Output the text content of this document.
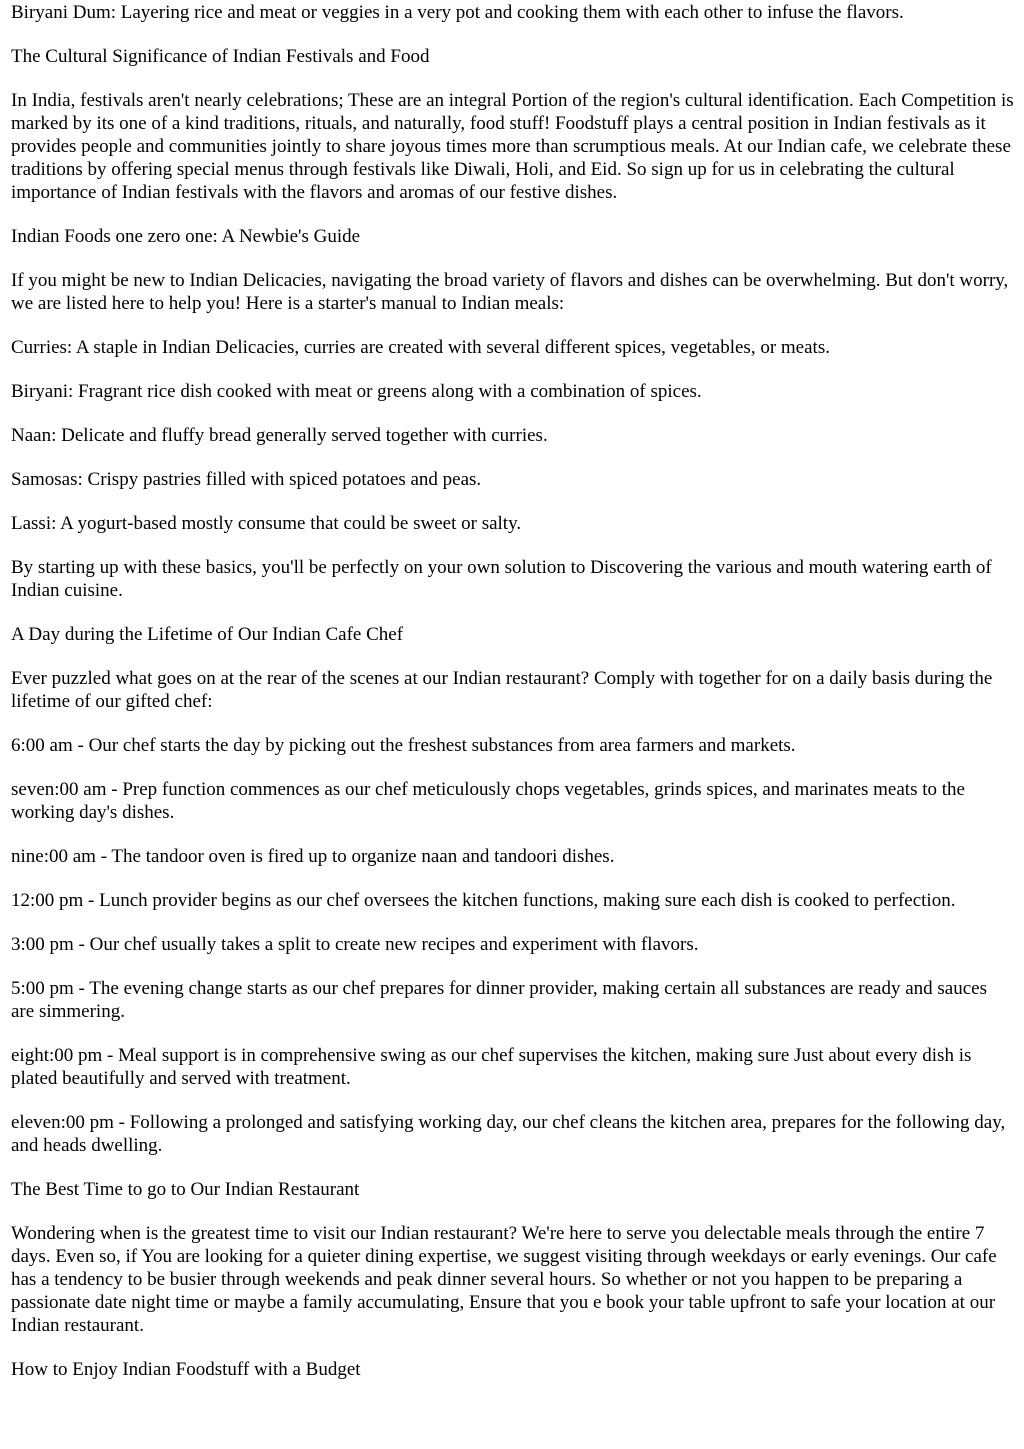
Biryani Dum: Layering rice and meat or veggies in a very pot and cooking them with each other to infuse the flavors.

The Cultural Significance of Indian Festivals and Food

In India, festivals aren't nearly celebrations; These are an integral Portion of the region's cultural identification. Each Competition is marked by its one of a kind traditions, rituals, and naturally, food stuff! Foodstuff plays a central position in Indian festivals as it provides people and communities jointly to share joyous times more than scrumptious meals. At our Indian cafe, we celebrate these traditions by offering special menus through festivals like Diwali, Holi, and Eid. So sign up for us in celebrating the cultural importance of Indian festivals with the flavors and aromas of our festive dishes.

Indian Foods one zero one: A Newbie's Guide

If you might be new to Indian Delicacies, navigating the broad variety of flavors and dishes can be overwhelming. But don't worry, we are listed here to help you! Here is a starter's manual to Indian meals:

Curries: A staple in Indian Delicacies, curries are created with several different spices, vegetables, or meats.

Biryani: Fragrant rice dish cooked with meat or greens along with a combination of spices.

Naan: Delicate and fluffy bread generally served together with curries.

Samosas: Crispy pastries filled with spiced potatoes and peas.

Lassi: A yogurt-based mostly consume that could be sweet or salty.

By starting up with these basics, you'll be perfectly on your own solution to Discovering the various and mouth watering earth of Indian cuisine.

A Day during the Lifetime of Our Indian Cafe Chef

Ever puzzled what goes on at the rear of the scenes at our Indian restaurant? Comply with together for on a daily basis during the lifetime of our gifted chef:

6:00 am - Our chef starts the day by picking out the freshest substances from area farmers and markets.

seven:00 am - Prep function commences as our chef meticulously chops vegetables, grinds spices, and marinates meats to the working day's dishes.

nine:00 am - The tandoor oven is fired up to organize naan and tandoori dishes.

12:00 pm - Lunch provider begins as our chef oversees the kitchen functions, making sure each dish is cooked to perfection.

3:00 pm - Our chef usually takes a split to create new recipes and experiment with flavors.

5:00 pm - The evening change starts as our chef prepares for dinner provider, making certain all substances are ready and sauces are simmering.

eight:00 pm - Meal support is in comprehensive swing as our chef supervises the kitchen, making sure Just about every dish is plated beautifully and served with treatment.

eleven:00 pm - Following a prolonged and satisfying working day, our chef cleans the kitchen area, prepares for the following day, and heads dwelling.

The Best Time to go to Our Indian Restaurant

Wondering when is the greatest time to visit our Indian restaurant? We're here to serve you delectable meals through the entire 7 days. Even so, if You are looking for a quieter dining expertise, we suggest visiting through weekdays or early evenings. Our cafe has a tendency to be busier through weekends and peak dinner several hours. So whether or not you happen to be preparing a passionate date night time or maybe a family accumulating, Ensure that you e book your table upfront to safe your location at our Indian restaurant.

How to Enjoy Indian Foodstuff with a Budget
